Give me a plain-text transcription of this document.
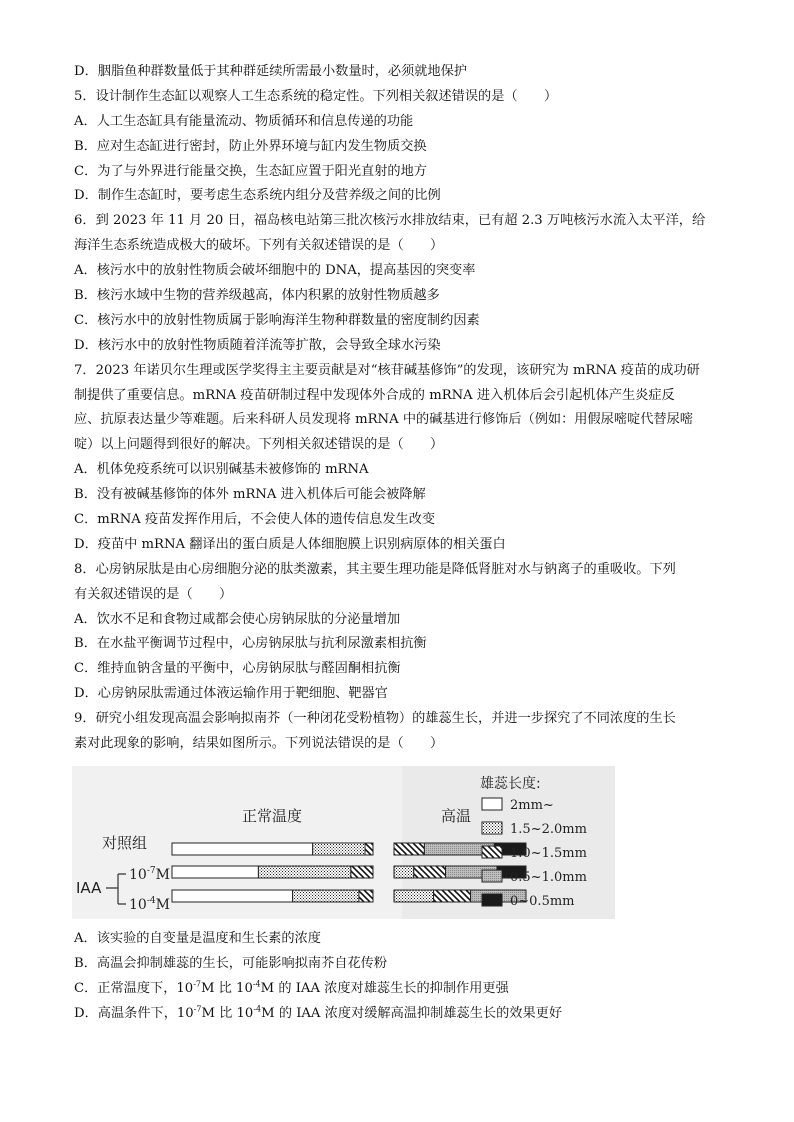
D．胭脂鱼种群数量低于其种群延续所需最小数量时，必须就地保护
5．设计制作生态缸以观察人工生态系统的稳定性。下列相关叙述错误的是（　　）
A．人工生态缸具有能量流动、物质循环和信息传递的功能
B．应对生态缸进行密封，防止外界环境与缸内发生物质交换
C．为了与外界进行能量交换，生态缸应置于阳光直射的地方
D．制作生态缸时，要考虑生态系统内组分及营养级之间的比例
6．到 2023 年 11 月 20 日，福岛核电站第三批次核污水排放结束，已有超 2.3 万吨核污水流入太平洋，给
海洋生态系统造成极大的破坏。下列有关叙述错误的是（　　）
A．核污水中的放射性物质会破坏细胞中的 DNA，提高基因的突变率
B．核污水域中生物的营养级越高，体内积累的放射性物质越多
C．核污水中的放射性物质属于影响海洋生物种群数量的密度制约因素
D．核污水中的放射性物质随着洋流等扩散，会导致全球水污染
7．2023 年诺贝尔生理或医学奖得主主要贡献是对“核苷碱基修饰”的发现，该研究为 mRNA 疫苗的成功研
制提供了重要信息。mRNA 疫苗研制过程中发现体外合成的 mRNA 进入机体后会引起机体产生炎症反
应、抗原表达量少等难题。后来科研人员发现将 mRNA 中的碱基进行修饰后（例如：用假尿嘧啶代替尿嘧
啶）以上问题得到很好的解决。下列相关叙述错误的是（　　）
A．机体免疫系统可以识别碱基未被修饰的 mRNA
B．没有被碱基修饰的体外 mRNA 进入机体后可能会被降解
C．mRNA 疫苗发挥作用后，不会使人体的遗传信息发生改变
D．疫苗中 mRNA 翻译出的蛋白质是人体细胞膜上识别病原体的相关蛋白
8．心房钠尿肽是由心房细胞分泌的肽类激素，其主要生理功能是降低肾脏对水与钠离子的重吸收。下列
有关叙述错误的是（　　）
A．饮水不足和食物过咸都会使心房钠尿肽的分泌量增加
B．在水盐平衡调节过程中，心房钠尿肽与抗利尿激素相抗衡
C．维持血钠含量的平衡中，心房钠尿肽与醛固酮相抗衡
D．心房钠尿肽需通过体液运输作用于靶细胞、靶器官
9．研究小组发现高温会影响拟南芥（一种闭花受粉植物）的雄蕊生长，并进一步探究了不同浓度的生长
素对此现象的影响，结果如图所示。下列说法错误的是（　　）
正常温度	高温
对照组
IAA
$10^{-7}M$
$10^{-4}M$
雄蕊长度:
2mm~
1.5~2.0mm
1.0~1.5mm
0.5~1.0mm
0~0.5mm
A．该实验的自变量是温度和生长素的浓度
B．高温会抑制雄蕊的生长，可能影响拟南芥自花传粉
C．正常温度下，$10^{-7}M$ 比 $10^{-4}M$ 的 IAA 浓度对雄蕊生长的抑制作用更强
D．高温条件下，$10^{-7}M$ 比 $10^{-4}M$ 的 IAA 浓度对缓解高温抑制雄蕊生长的效果更好
